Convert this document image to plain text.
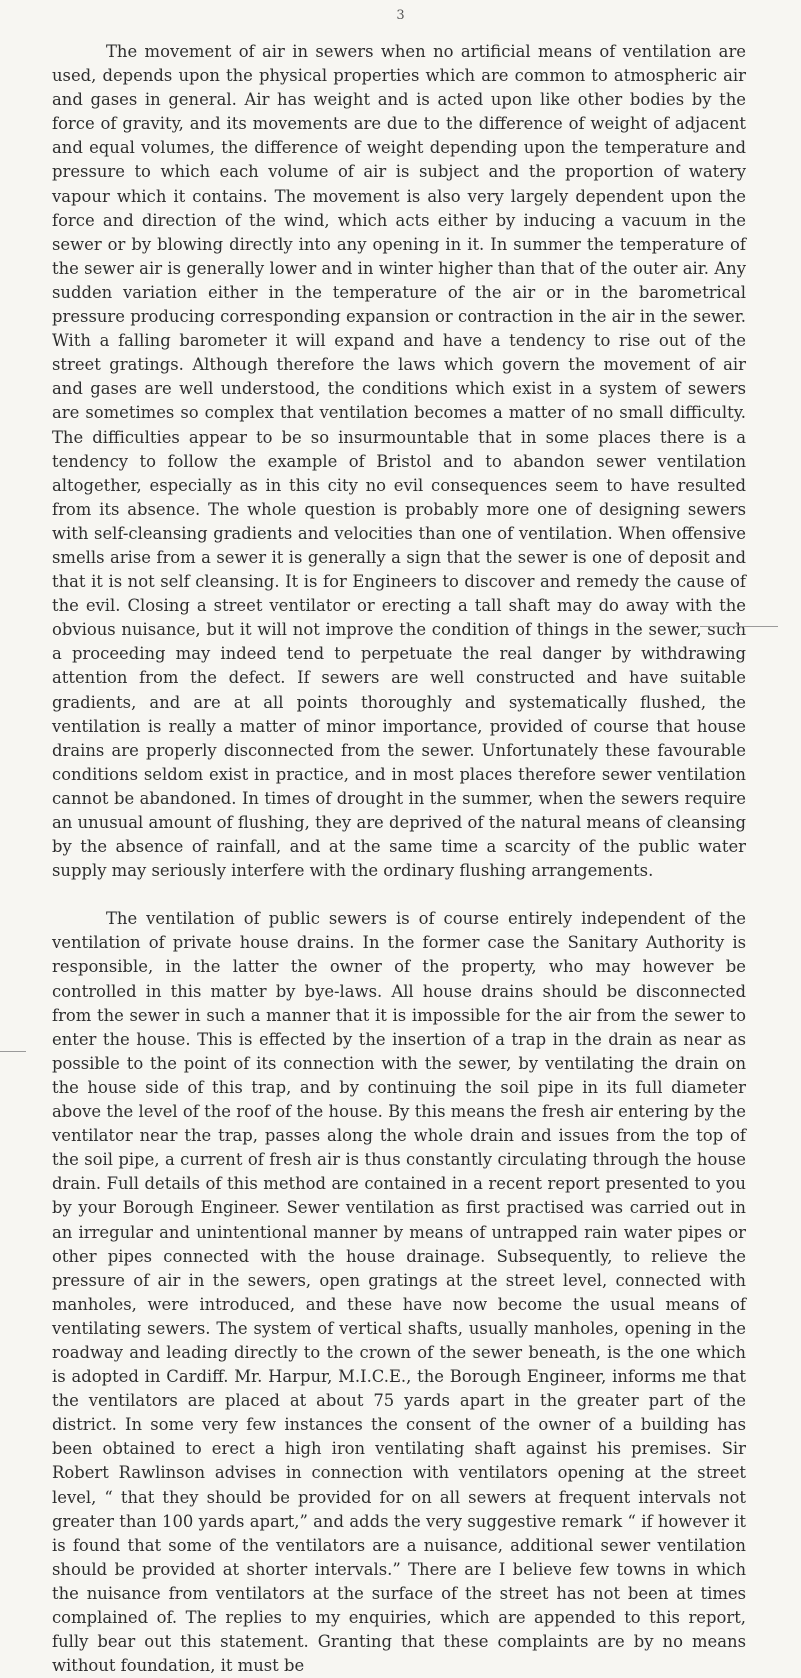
3

The movement of air in sewers when no artificial means of ventilation are used, depends upon the physical properties which are common to atmospheric air and gases in general. Air has weight and is acted upon like other bodies by the force of gravity, and its movements are due to the difference of weight of adjacent and equal volumes, the difference of weight depending upon the temperature and pressure to which each volume of air is subject and the proportion of watery vapour which it contains. The movement is also very largely dependent upon the force and direction of the wind, which acts either by inducing a vacuum in the sewer or by blowing directly into any opening in it. In summer the temperature of the sewer air is generally lower and in winter higher than that of the outer air. Any sudden variation either in the temperature of the air or in the barometrical pressure producing corresponding expansion or contraction in the air in the sewer. With a falling barometer it will expand and have a tendency to rise out of the street gratings. Although therefore the laws which govern the movement of air and gases are well understood, the conditions which exist in a system of sewers are sometimes so complex that ventilation becomes a matter of no small difficulty. The difficulties appear to be so insurmountable that in some places there is a tendency to follow the example of Bristol and to abandon sewer ventilation altogether, especially as in this city no evil consequences seem to have resulted from its absence. The whole question is probably more one of designing sewers with self-cleansing gradients and velocities than one of ventilation. When offensive smells arise from a sewer it is generally a sign that the sewer is one of deposit and that it is not self cleansing. It is for Engineers to discover and remedy the cause of the evil. Closing a street ventilator or erecting a tall shaft may do away with the obvious nuisance, but it will not improve the condition of things in the sewer, such a proceeding may indeed tend to perpetuate the real danger by withdrawing attention from the defect. If sewers are well constructed and have suitable gradients, and are at all points thoroughly and systematically flushed, the ventilation is really a matter of minor importance, provided of course that house drains are properly disconnected from the sewer. Unfortunately these favourable conditions seldom exist in practice, and in most places therefore sewer ventilation cannot be abandoned. In times of drought in the summer, when the sewers require an unusual amount of flushing, they are deprived of the natural means of cleansing by the absence of rainfall, and at the same time a scarcity of the public water supply may seriously interfere with the ordinary flushing arrangements.

The ventilation of public sewers is of course entirely independent of the ventilation of private house drains. In the former case the Sanitary Authority is responsible, in the latter the owner of the property, who may however be controlled in this matter by bye-laws. All house drains should be disconnected from the sewer in such a manner that it is impossible for the air from the sewer to enter the house. This is effected by the insertion of a trap in the drain as near as possible to the point of its connection with the sewer, by ventilating the drain on the house side of this trap, and by continuing the soil pipe in its full diameter above the level of the roof of the house. By this means the fresh air entering by the ventilator near the trap, passes along the whole drain and issues from the top of the soil pipe, a current of fresh air is thus constantly circulating through the house drain. Full details of this method are contained in a recent report presented to you by your Borough Engineer. Sewer ventilation as first practised was carried out in an irregular and unintentional manner by means of untrapped rain water pipes or other pipes connected with the house drainage. Subsequently, to relieve the pressure of air in the sewers, open gratings at the street level, connected with manholes, were introduced, and these have now become the usual means of ventilating sewers. The system of vertical shafts, usually manholes, opening in the roadway and leading directly to the crown of the sewer beneath, is the one which is adopted in Cardiff. Mr. Harpur, M.I.C.E., the Borough Engineer, informs me that the ventilators are placed at about 75 yards apart in the greater part of the district. In some very few instances the consent of the owner of a building has been obtained to erect a high iron ventilating shaft against his premises. Sir Robert Rawlinson advises in connection with ventilators opening at the street level, “ that they should be provided for on all sewers at frequent intervals not greater than 100 yards apart,” and adds the very suggestive remark “ if however it is found that some of the ventilators are a nuisance, additional sewer ventilation should be provided at shorter intervals.” There are I believe few towns in which the nuisance from ventilators at the surface of the street has not been at times complained of. The replies to my enquiries, which are appended to this report, fully bear out this statement. Granting that these complaints are by no means without foundation, it must be
